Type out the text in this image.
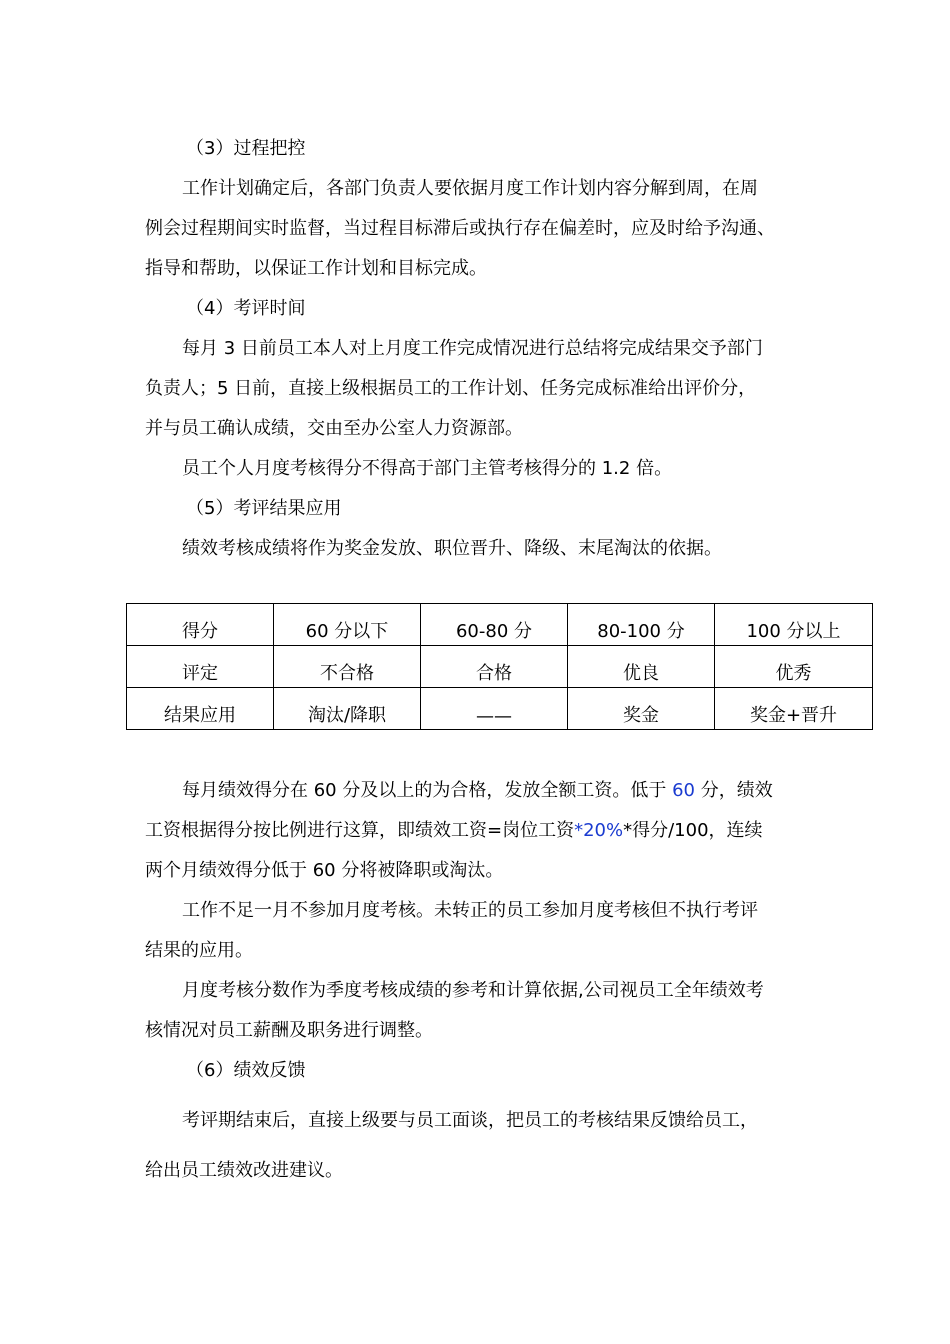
（3）过程把控
工作计划确定后，各部门负责人要依据月度工作计划内容分解到周，在周
例会过程期间实时监督，当过程目标滞后或执行存在偏差时，应及时给予沟通、
指导和帮助，以保证工作计划和目标完成。
（4）考评时间
每月 3 日前员工本人对上月度工作完成情况进行总结将完成结果交予部门
负责人；5 日前，直接上级根据员工的工作计划、任务完成标准给出评价分，
并与员工确认成绩，交由至办公室人力资源部。
员工个人月度考核得分不得高于部门主管考核得分的 1.2 倍。
（5）考评结果应用
绩效考核成绩将作为奖金发放、职位晋升、降级、末尾淘汰的依据。
得分	60 分以下	60-80 分	80-100 分	100 分以上
评定	不合格	合格	优良	优秀
结果应用	淘汰/降职	——	奖金	奖金+晋升
每月绩效得分在 60 分及以上的为合格，发放全额工资。低于 60 分，绩效
工资根据得分按比例进行这算，即绩效工资=岗位工资*20%*得分/100，连续
两个月绩效得分低于 60 分将被降职或淘汰。
工作不足一月不参加月度考核。未转正的员工参加月度考核但不执行考评
结果的应用。
月度考核分数作为季度考核成绩的参考和计算依据,公司视员工全年绩效考
核情况对员工薪酬及职务进行调整。
（6）绩效反馈
考评期结束后，直接上级要与员工面谈，把员工的考核结果反馈给员工，
给出员工绩效改进建议。
